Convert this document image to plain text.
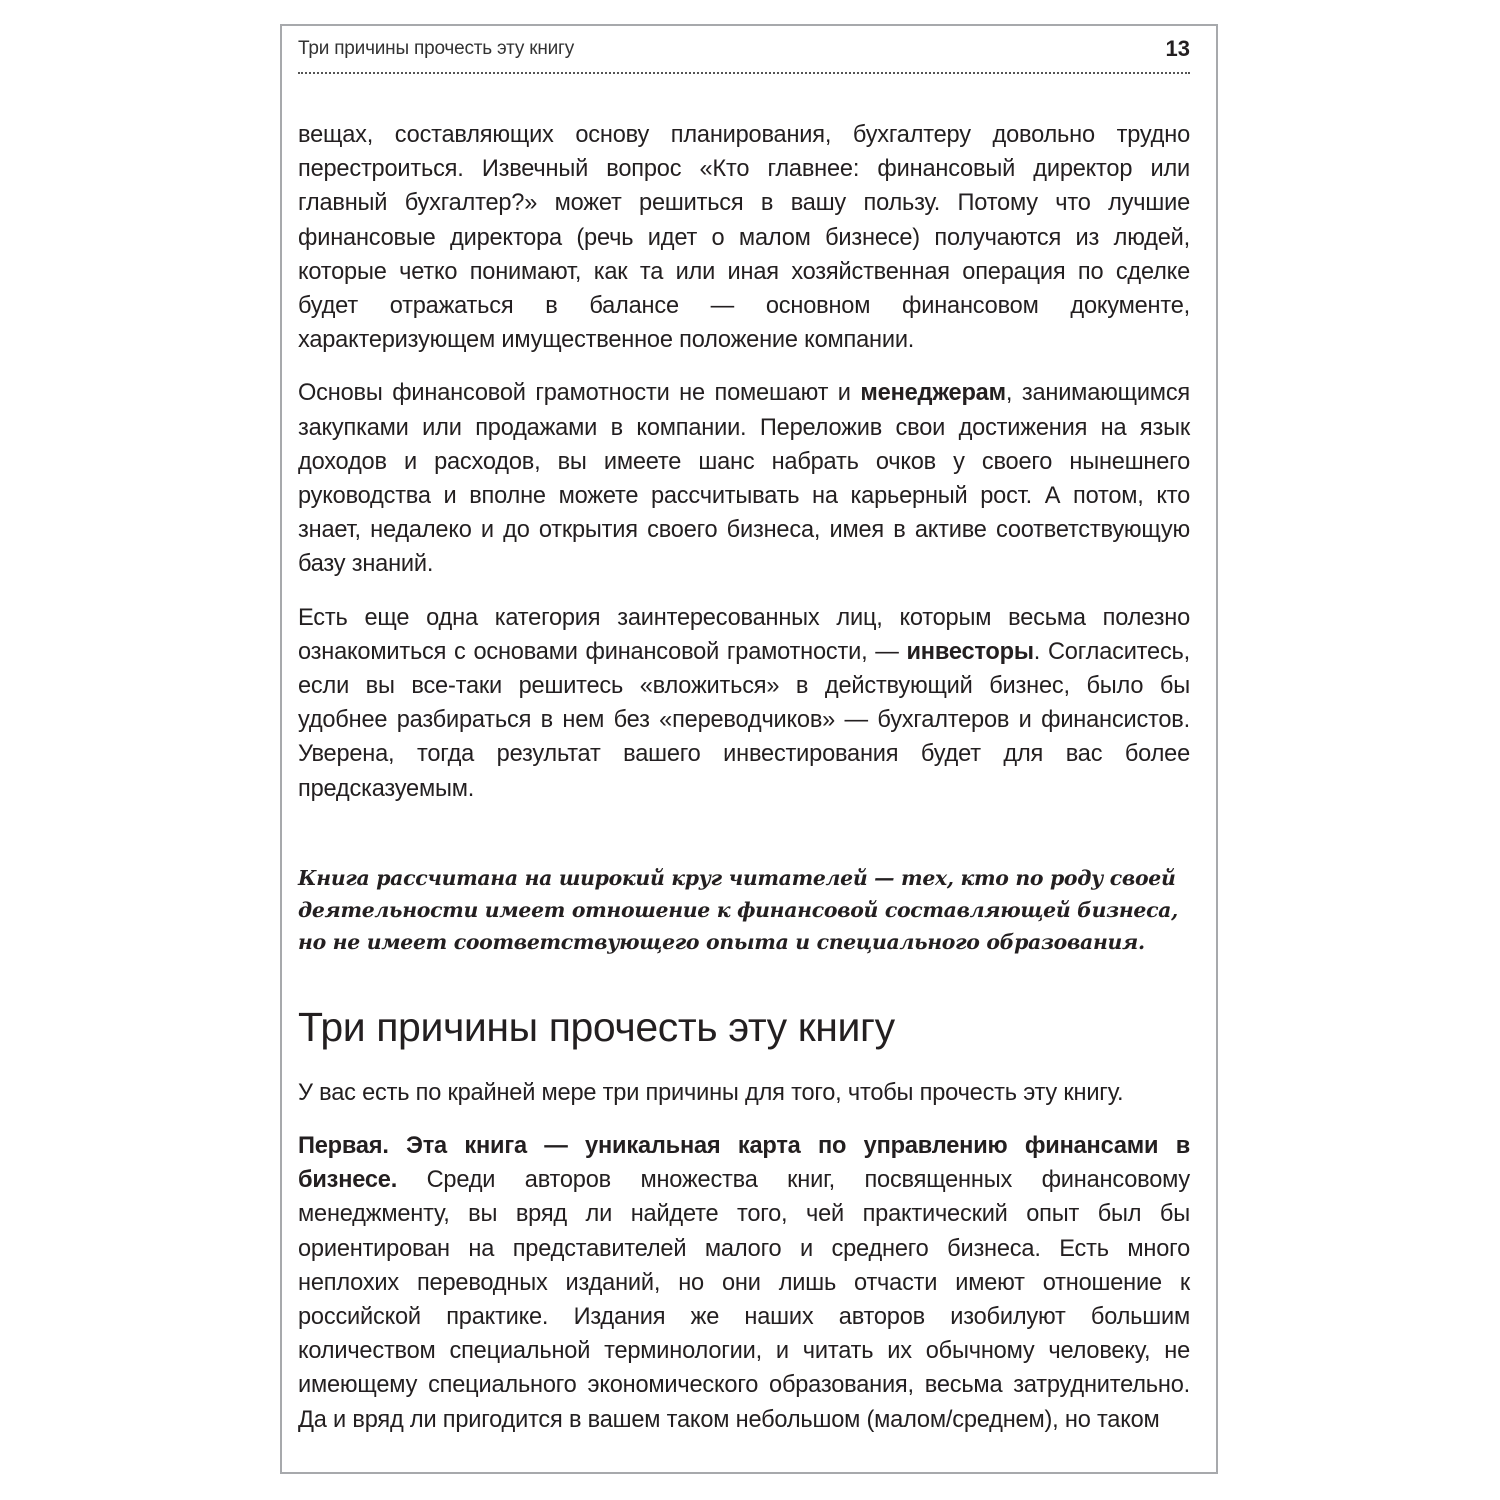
Три причины прочесть эту книгу	13

вещах, составляющих основу планирования, бухгалтеру довольно трудно перестроиться. Извечный вопрос «Кто главнее: финансовый директор или главный бухгалтер?» может решиться в вашу пользу. Потому что лучшие финансовые директора (речь идет о малом бизнесе) получаются из людей, которые четко понимают, как та или иная хозяйственная операция по сделке будет отражаться в балансе — основном финансовом документе, характеризующем имущественное положение компании.

Основы финансовой грамотности не помешают и менеджерам, занимающимся закупками или продажами в компании. Переложив свои достижения на язык доходов и расходов, вы имеете шанс набрать очков у своего нынешнего руководства и вполне можете рассчитывать на карьерный рост. А потом, кто знает, недалеко и до открытия своего бизнеса, имея в активе соответствующую базу знаний.

Есть еще одна категория заинтересованных лиц, которым весьма полезно ознакомиться с основами финансовой грамотности, — инвесторы. Согласитесь, если вы все-таки решитесь «вложиться» в действующий бизнес, было бы удобнее разбираться в нем без «переводчиков» — бухгалтеров и финансистов. Уверена, тогда результат вашего инвестирования будет для вас более предсказуемым.

Книга рассчитана на широкий круг читателей — тех, кто по роду своей деятельности имеет отношение к финансовой составляющей бизнеса, но не имеет соответствующего опыта и специального образования.
Три причины прочесть эту книгу

У вас есть по крайней мере три причины для того, чтобы прочесть эту книгу.

Первая. Эта книга — уникальная карта по управлению финансами в бизнесе. Среди авторов множества книг, посвященных финансовому менеджменту, вы вряд ли найдете того, чей практический опыт был бы ориентирован на представителей малого и среднего бизнеса. Есть много неплохих переводных изданий, но они лишь отчасти имеют отношение к российской практике. Издания же наших авторов изобилуют большим количеством специальной терминологии, и читать их обычному человеку, не имеющему специального экономического образования, весьма затруднительно. Да и вряд ли пригодится в вашем таком небольшом (малом/среднем), но таком
